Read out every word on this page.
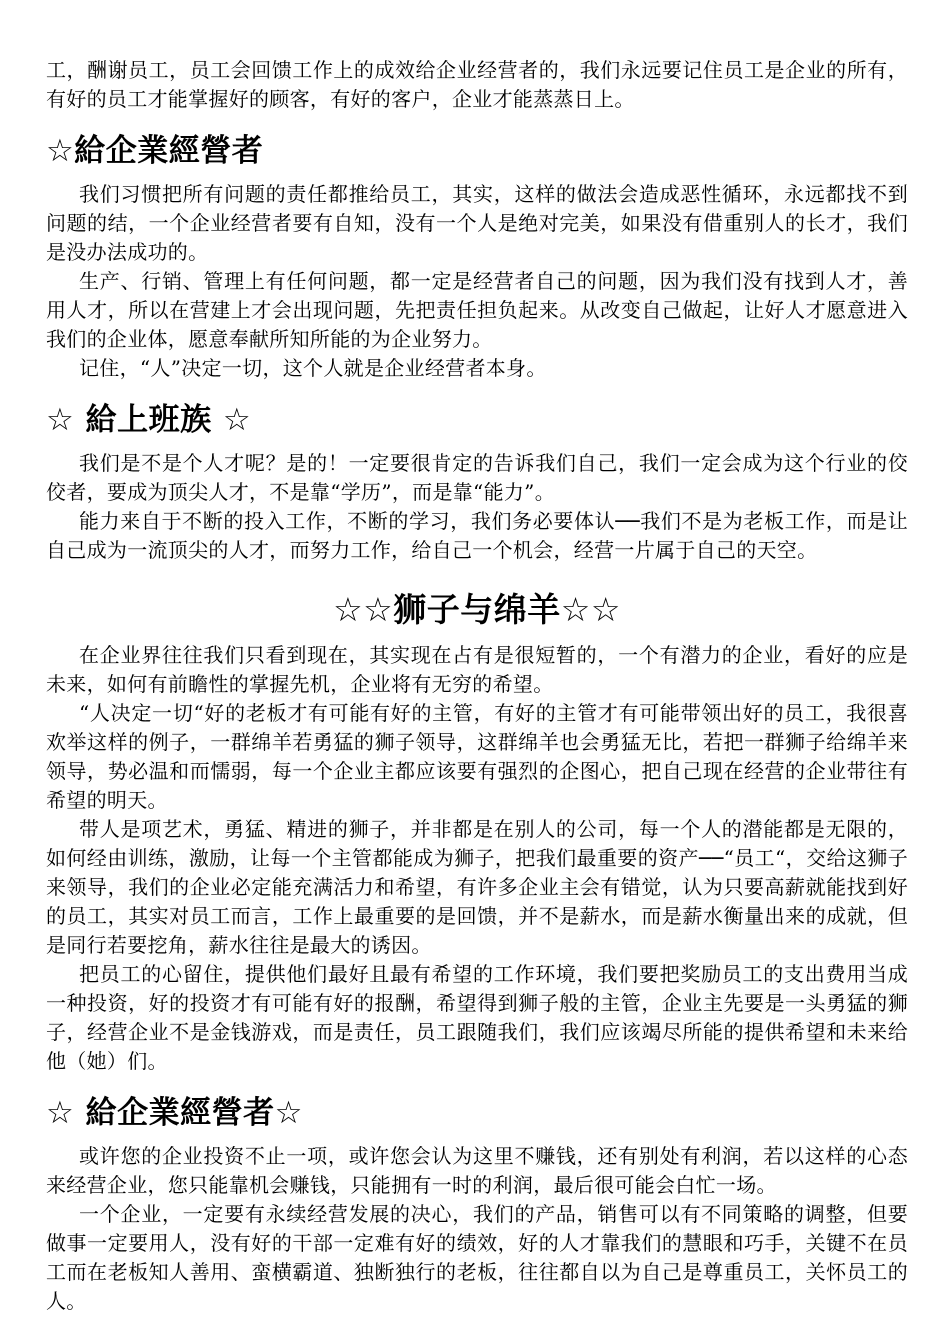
工，酬谢员工，员工会回馈工作上的成效给企业经营者的，我们永远要记住员工是企业的所有，有好的员工才能掌握好的顾客，有好的客户，企业才能蒸蒸日上。

☆給企業經營者

我们习惯把所有问题的责任都推给员工，其实，这样的做法会造成恶性循环，永远都找不到问题的结，一个企业经营者要有自知，没有一个人是绝对完美，如果没有借重别人的长才，我们是没办法成功的。

生产、行销、管理上有任何问题，都一定是经营者自己的问题，因为我们没有找到人才，善用人才，所以在营建上才会出现问题，先把责任担负起来。从改变自己做起，让好人才愿意进入我们的企业体，愿意奉献所知所能的为企业努力。

记住，“人”决定一切，这个人就是企业经营者本身。

☆ 給上班族 ☆

我们是不是个人才呢？是的！一定要很肯定的告诉我们自己，我们一定会成为这个行业的佼佼者，要成为顶尖人才，不是靠“学历”，而是靠“能力”。

能力来自于不断的投入工作，不断的学习，我们务必要体认──我们不是为老板工作，而是让自己成为一流顶尖的人才，而努力工作，给自己一个机会，经营一片属于自己的天空。

☆☆狮子与绵羊☆☆

在企业界往往我们只看到现在，其实现在占有是很短暂的，一个有潜力的企业，看好的应是未来，如何有前瞻性的掌握先机，企业将有无穷的希望。

“人决定一切“好的老板才有可能有好的主管，有好的主管才有可能带领出好的员工，我很喜欢举这样的例子，一群绵羊若勇猛的狮子领导，这群绵羊也会勇猛无比，若把一群狮子给绵羊来领导，势必温和而懦弱，每一个企业主都应该要有强烈的企图心，把自己现在经营的企业带往有希望的明天。

带人是项艺术，勇猛、精进的狮子，并非都是在别人的公司，每一个人的潜能都是无限的，如何经由训练，激励，让每一个主管都能成为狮子，把我们最重要的资产──“员工“，交给这狮子来领导，我们的企业必定能充满活力和希望，有许多企业主会有错觉，认为只要高薪就能找到好的员工，其实对员工而言，工作上最重要的是回馈，并不是薪水，而是薪水衡量出来的成就，但是同行若要挖角，薪水往往是最大的诱因。

把员工的心留住，提供他们最好且最有希望的工作环境，我们要把奖励员工的支出费用当成一种投资，好的投资才有可能有好的报酬，希望得到狮子般的主管，企业主先要是一头勇猛的狮子，经营企业不是金钱游戏，而是责任，员工跟随我们，我们应该竭尽所能的提供希望和未来给他（她）们。

☆ 給企業經營者☆

或许您的企业投资不止一项，或许您会认为这里不赚钱，还有别处有利润，若以这样的心态来经营企业，您只能靠机会赚钱，只能拥有一时的利润，最后很可能会白忙一场。

一个企业，一定要有永续经营发展的决心，我们的产品，销售可以有不同策略的调整，但要做事一定要用人，没有好的干部一定难有好的绩效，好的人才靠我们的慧眼和巧手，关键不在员工而在老板知人善用、蛮横霸道、独断独行的老板，往往都自以为自己是尊重员工，关怀员工的人。
